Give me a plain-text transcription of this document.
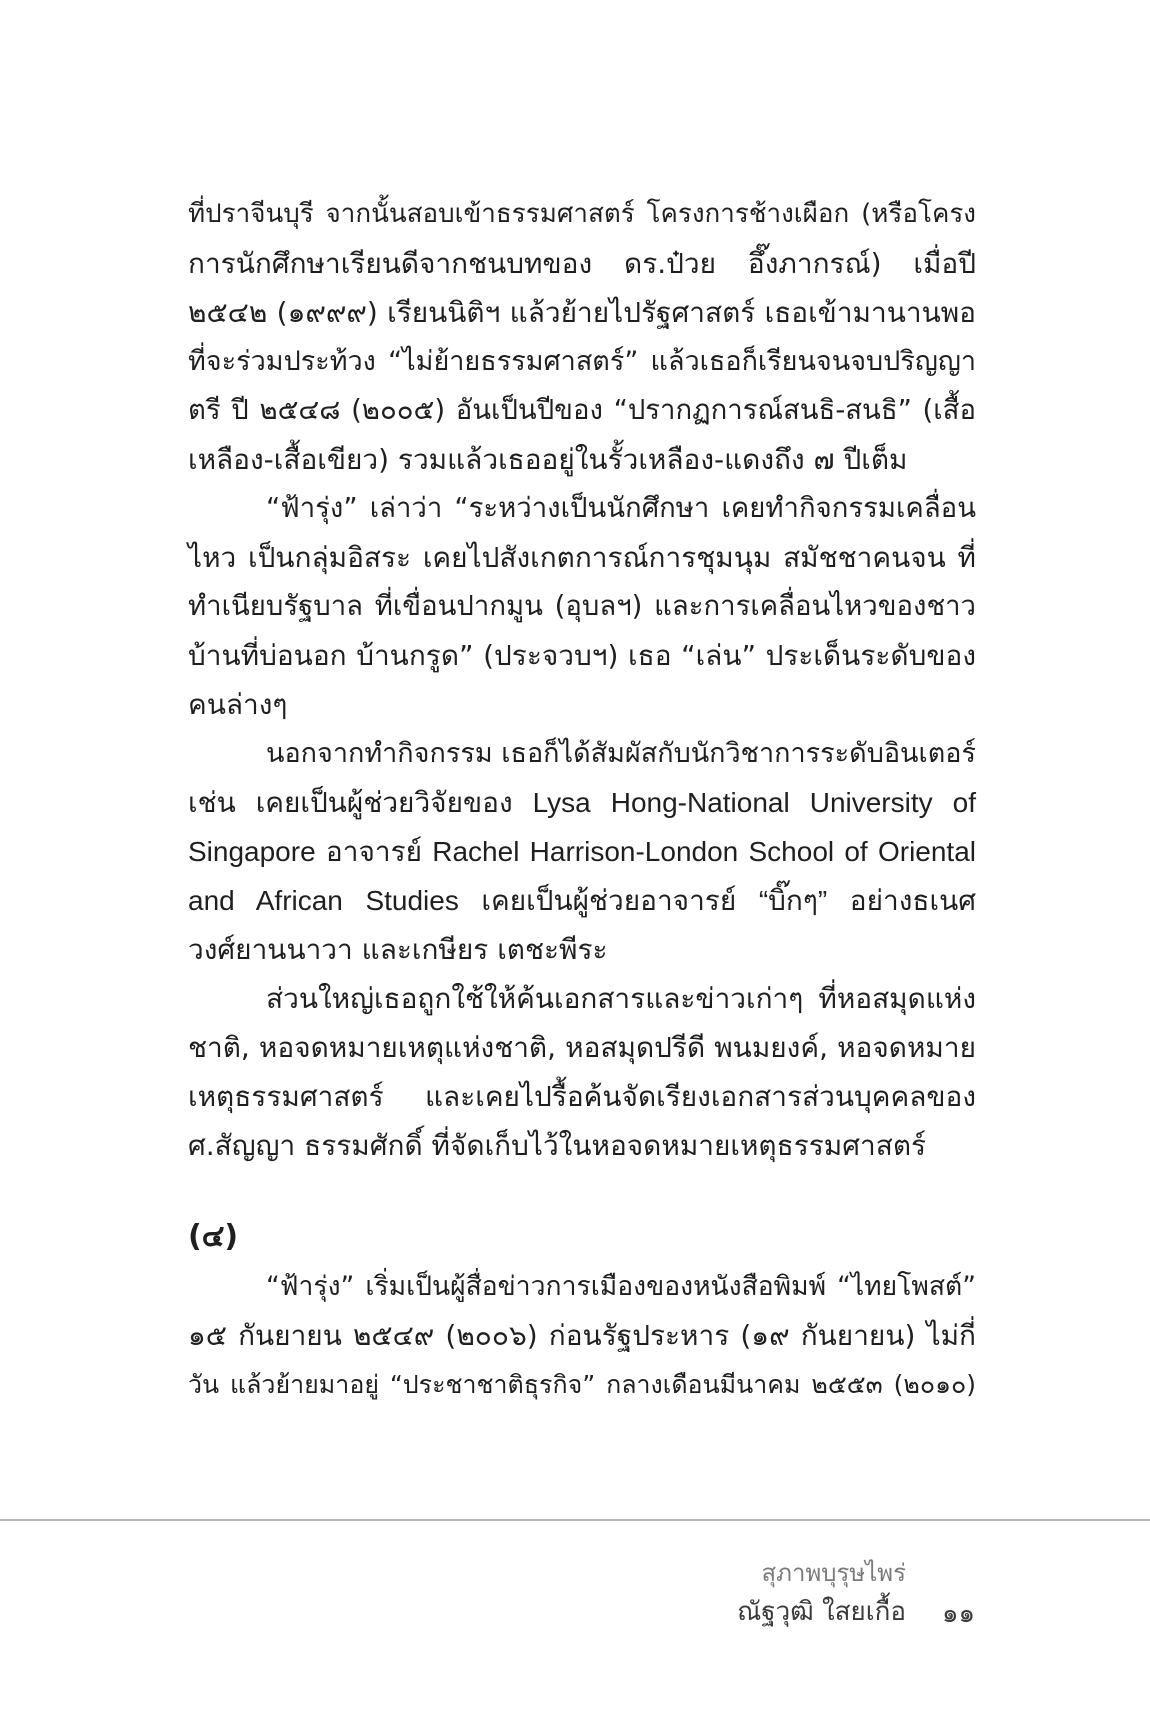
ที่ปราจีนบุรี จากนั้นสอบเข้าธรรมศาสตร์ โครงการช้างเผือก (หรือโครง
การนักศึกษาเรียนดีจากชนบทของ ดร.ป๋วย อึ๊งภากรณ์) เมื่อปี
๒๕๔๒ (๑๙๙๙) เรียนนิติฯ แล้วย้ายไปรัฐศาสตร์ เธอเข้ามานานพอ
ที่จะร่วมประท้วง “ไม่ย้ายธรรมศาสตร์” แล้วเธอก็เรียนจนจบปริญญา
ตรี ปี ๒๕๔๘ (๒๐๐๕) อันเป็นปีของ “ปรากฏการณ์สนธิ-สนธิ” (เสื้อ
เหลือง-เสื้อเขียว) รวมแล้วเธออยู่ในรั้วเหลือง-แดงถึง ๗ ปีเต็ม
“ฟ้ารุ่ง” เล่าว่า “ระหว่างเป็นนักศึกษา เคยทำกิจกรรมเคลื่อน
ไหว เป็นกลุ่มอิสระ เคยไปสังเกตการณ์การชุมนุม สมัชชาคนจน ที่
ทำเนียบรัฐบาล ที่เขื่อนปากมูน (อุบลฯ) และการเคลื่อนไหวของชาว
บ้านที่บ่อนอก บ้านกรูด” (ประจวบฯ) เธอ “เล่น” ประเด็นระดับของ
คนล่างๆ
นอกจากทำกิจกรรม เธอก็ได้สัมผัสกับนักวิชาการระดับอินเตอร์
เช่น เคยเป็นผู้ช่วยวิจัยของ Lysa Hong-National University of
Singapore อาจารย์ Rachel Harrison-London School of Oriental
and African Studies เคยเป็นผู้ช่วยอาจารย์ “บิ๊กๆ” อย่างธเนศ
วงศ์ยานนาวา และเกษียร เตชะพีระ
ส่วนใหญ่เธอถูกใช้ให้ค้นเอกสารและข่าวเก่าๆ ที่หอสมุดแห่ง
ชาติ, หอจดหมายเหตุแห่งชาติ, หอสมุดปรีดี พนมยงค์, หอจดหมาย
เหตุธรรมศาสตร์ และเคยไปรื้อค้นจัดเรียงเอกสารส่วนบุคคลของ
ศ.สัญญา ธรรมศักดิ์ ที่จัดเก็บไว้ในหอจดหมายเหตุธรรมศาสตร์
(๔)
“ฟ้ารุ่ง” เริ่มเป็นผู้สื่อข่าวการเมืองของหนังสือพิมพ์ “ไทยโพสต์”
๑๕ กันยายน ๒๕๔๙ (๒๐๐๖) ก่อนรัฐประหาร (๑๙ กันยายน) ไม่กี่
วัน แล้วย้ายมาอยู่ “ประชาชาติธุรกิจ” กลางเดือนมีนาคม ๒๕๕๓ (๒๐๑๐)
สุภาพบุรุษไพร่
ณัฐวุฒิ ใสยเกื้อ ๑๑
